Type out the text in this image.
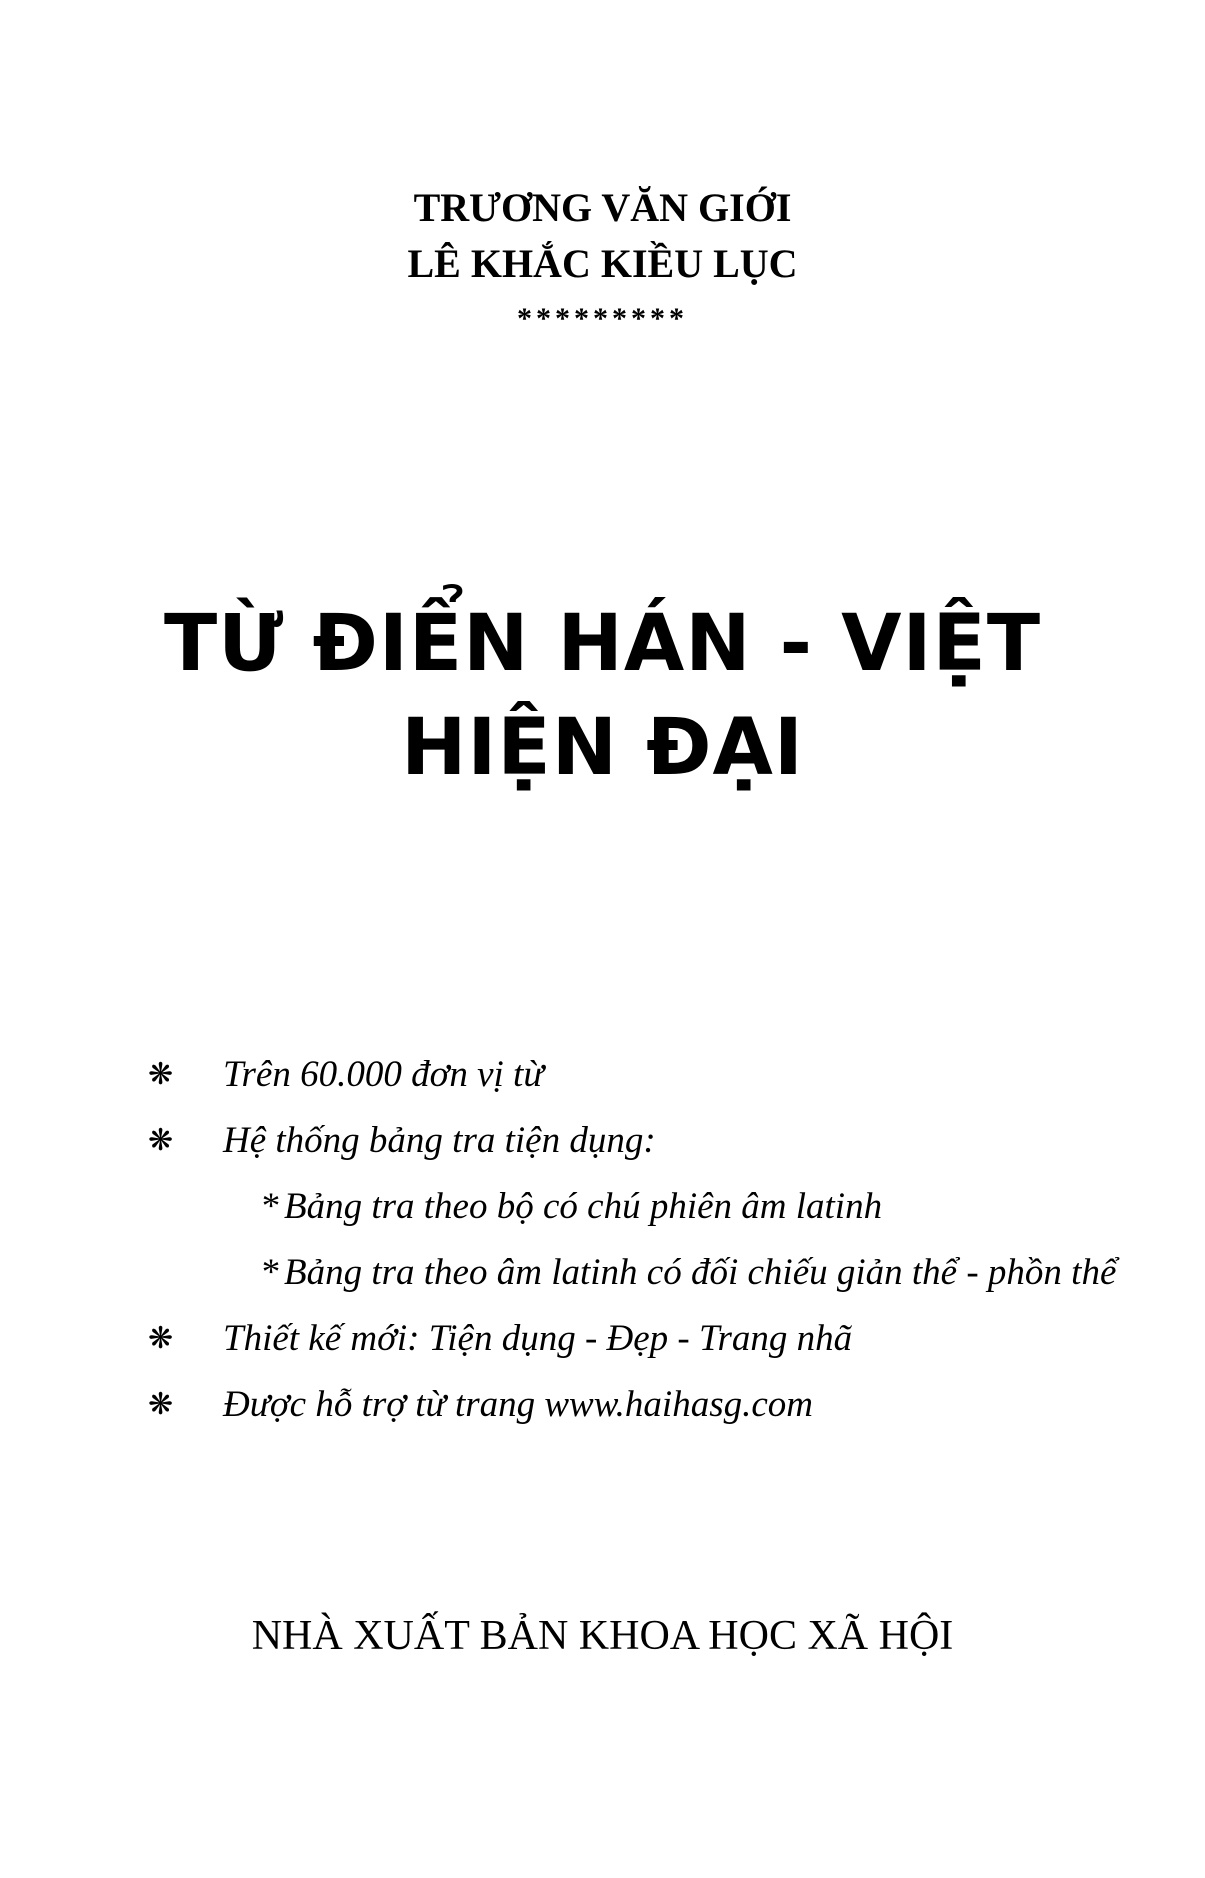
TRƯƠNG VĂN GIỚI
LÊ KHẮC KIỀU LỤC
*********
TỪ ĐIỂN HÁN - VIỆT
HIỆN ĐẠI
❋	Trên 60.000 đơn vị từ
❋	Hệ thống bảng tra tiện dụng:
* Bảng tra theo bộ có chú phiên âm latinh
* Bảng tra theo âm latinh có đối chiếu giản thể - phồn thể
❋	Thiết kế mới: Tiện dụng - Đẹp - Trang nhã
❋	Được hỗ trợ từ trang www.haihasg.com
NHÀ XUẤT BẢN KHOA HỌC XÃ HỘI
